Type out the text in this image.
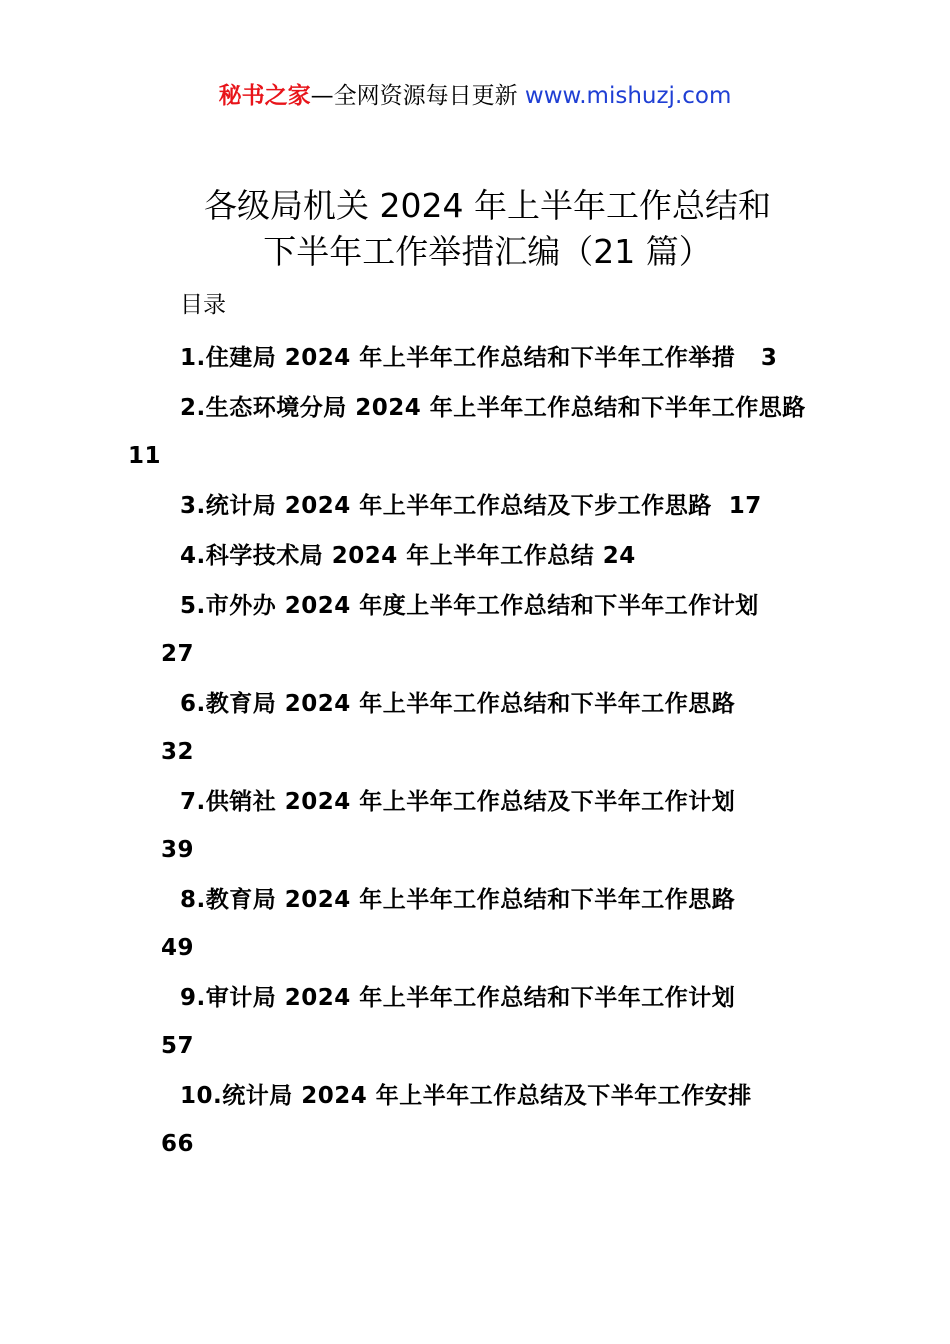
秘书之家—全网资源每日更新 www.mishuzj.com
各级局机关 2024 年上半年工作总结和
下半年工作举措汇编（21 篇）
目录
1.住建局 2024 年上半年工作总结和下半年工作举措 3
2.生态环境分局 2024 年上半年工作总结和下半年工作思路 11
3.统计局 2024 年上半年工作总结及下步工作思路 17
4.科学技术局 2024 年上半年工作总结 24
5.市外办 2024 年度上半年工作总结和下半年工作计划
27
6.教育局 2024 年上半年工作总结和下半年工作思路
32
7.供销社 2024 年上半年工作总结及下半年工作计划
39
8.教育局 2024 年上半年工作总结和下半年工作思路
49
9.审计局 2024 年上半年工作总结和下半年工作计划
57
10.统计局 2024 年上半年工作总结及下半年工作安排
66
